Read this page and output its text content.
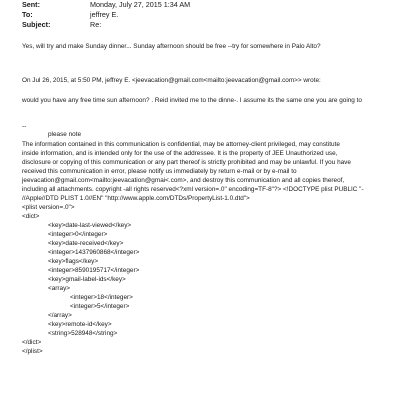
Sent:	Monday, July 27, 2015 1:34 AM
To:	jeffrey E.
Subject:	Re:
Yes, will try and make Sunday dinner... Sunday afternoon should be free --try for somewhere in Palo Alto?
On Jul 26, 2015, at 5:50 PM, jeffrey E. <jeevacation@gmail.com<mailto:jeevacation@gmail.com>> wrote:
would you have any free time sun afternoon? . Reid invited me to the dinne-. I assume its the same one you are going to
--
please note
The information contained in this communication is confidential, may be attorney-client privileged, may constitute
inside information, and is intended only for the use of the addressee. It is the property of JEE Unauthorized use,
disclosure or copying of this communication or any part thereof is strictly prohibited and may be unlawful. If you have
received this communication in error, please notify us immediately by return e-mail or by e-mail to
jeevacation@gmail.com<mailto:jeevacation@gmai<.com>, and destroy this communication and all copies thereof,
including all attachments. copyright -all rights reserved<?xml version=.0" encoding=TF-8"?> <!DOCTYPE plist PUBLIC "-
//Apple//DTD PLIST 1.0//EN" "http://www.apple.com/DTDs/PropertyList-1.0.dtd">
<plist version=.0">
<dict>
<key>date-last-viewed</key>
<integer>0</integer>
<key>date-received</key>
<integer>1437960868</integer>
<key>flags</key>
<integer>8590195717</integer>
<key>gmail-label-ids</key>
<array>
<integer>18</integer>
<integer>5</integer>
</array>
<key>remote-id</key>
<string>528948</string>
</dict>
</plist>
